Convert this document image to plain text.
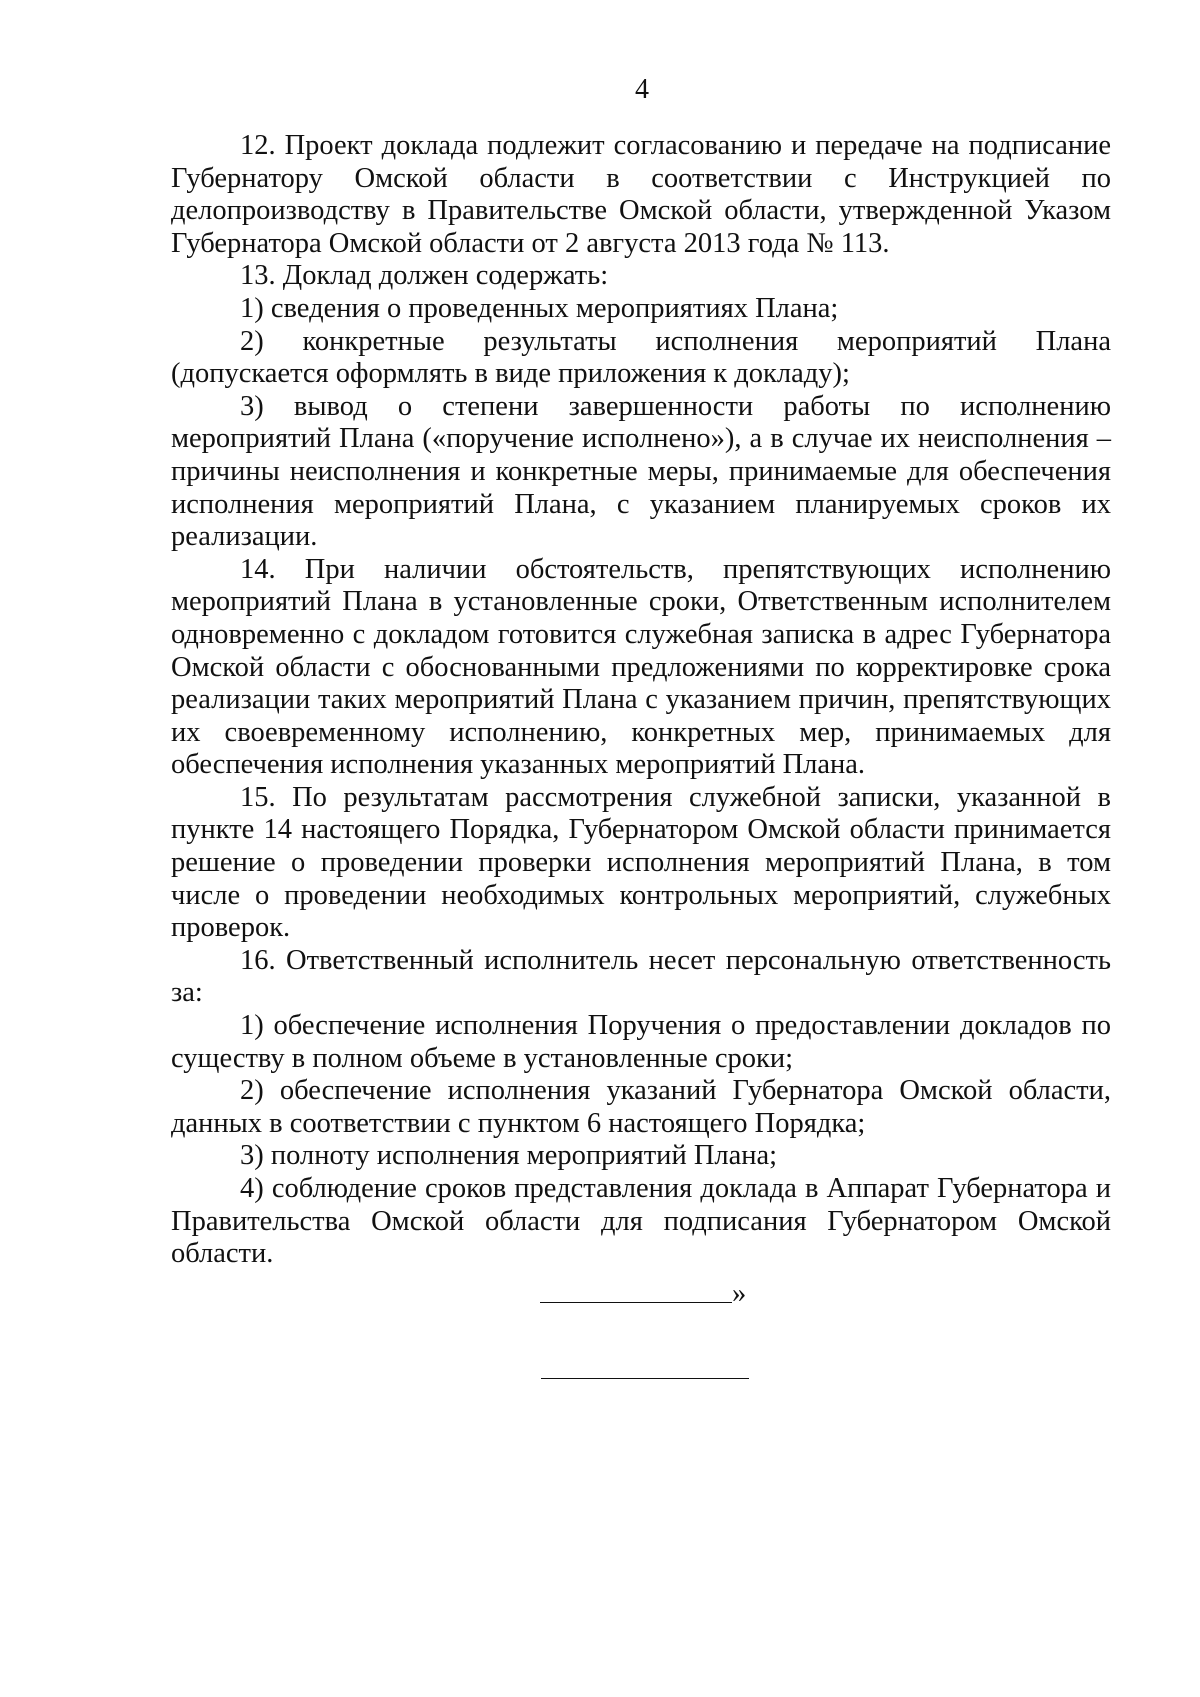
4

12. Проект доклада подлежит согласованию и передаче на подписание Губернатору Омской области в соответствии с Инструкцией по делопроизводству в Правительстве Омской области, утвержденной Указом Губернатора Омской области от 2 августа 2013 года № 113.

13. Доклад должен содержать:

1) сведения о проведенных мероприятиях Плана;

2) конкретные результаты исполнения мероприятий Плана (допускается оформлять в виде приложения к докладу);

3) вывод о степени завершенности работы по исполнению мероприятий Плана («поручение исполнено»), а в случае их неисполнения – причины неисполнения и конкретные меры, принимаемые для обеспечения исполнения мероприятий Плана, с указанием планируемых сроков их реализации.

14. При наличии обстоятельств, препятствующих исполнению мероприятий Плана в установленные сроки, Ответственным исполнителем одновременно с докладом готовится служебная записка в адрес Губернатора Омской области с обоснованными предложениями по корректировке срока реализации таких мероприятий Плана с указанием причин, препятствующих их своевременному исполнению, конкретных мер, принимаемых для обеспечения исполнения указанных мероприятий Плана.

15. По результатам рассмотрения служебной записки, указанной в пункте 14 настоящего Порядка, Губернатором Омской области принимается решение о проведении проверки исполнения мероприятий Плана, в том числе о проведении необходимых контрольных мероприятий, служебных проверок.

16. Ответственный исполнитель несет персональную ответственность за:

1) обеспечение исполнения Поручения о предоставлении докладов по существу в полном объеме в установленные сроки;

2) обеспечение исполнения указаний Губернатора Омской области, данных в соответствии с пунктом 6 настоящего Порядка;

3) полноту исполнения мероприятий Плана;

4) соблюдение сроков представления доклада в Аппарат Губернатора и Правительства Омской области для подписания Губернатором Омской области.

»
